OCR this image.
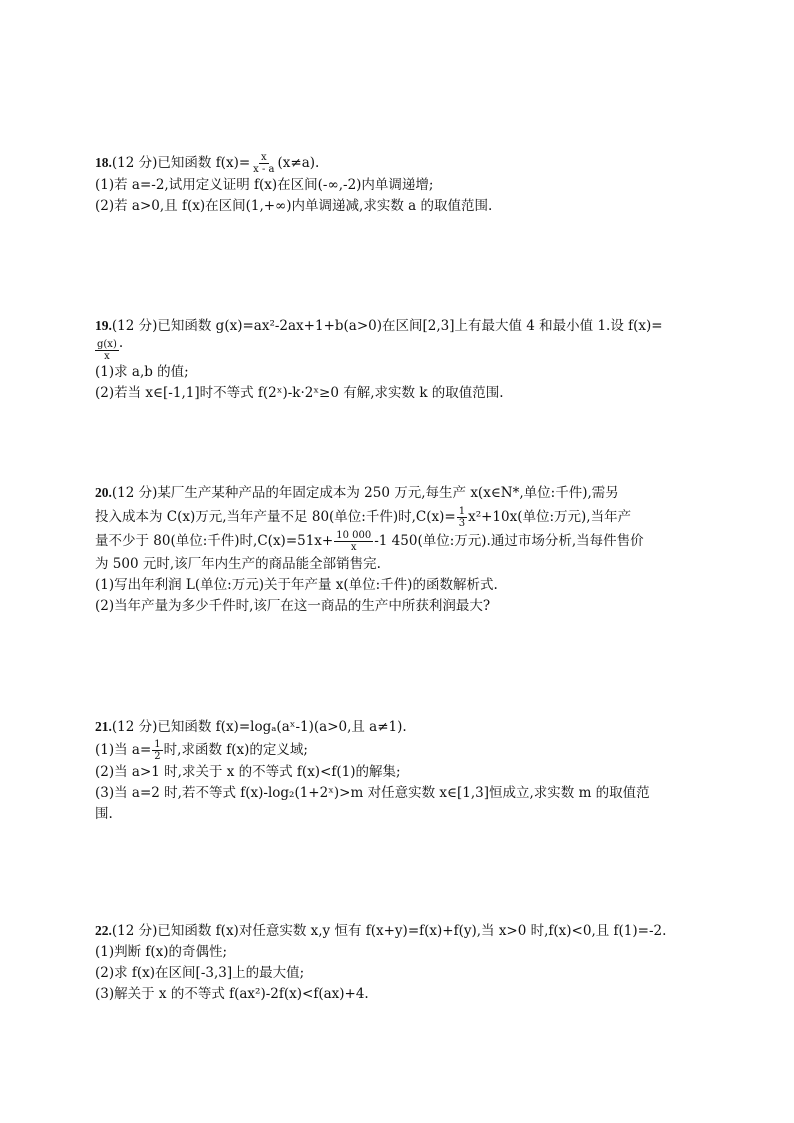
18.(12 分)已知函数 $f(x)= \frac{x}{x - a} (x\ne a)$.
(1)若 a=-2,试用定义证明 f(x)在区间(-∞,-2)内单调递增;
(2)若 a>0,且 f(x)在区间(1,+∞)内单调递减,求实数 a 的取值范围.
19.(12 分)已知函数 g(x)=ax²-2ax+1+b(a>0)在区间[2,3]上有最大值 4 和最小值 1.设 f(x)=
$\frac{g(x)}{x}$ .
(1)求 a,b 的值;
(2)若当 x∈[-1,1]时不等式 f(2ˣ)-k·2ˣ≥0 有解,求实数 k 的取值范围.
20.(12 分)某厂生产某种产品的年固定成本为 250 万元,每生产 x(x∈N*,单位:千件),需另
投入成本为 C(x)万元,当年产量不足 80(单位:千件)时$,C(x)= \frac{1}{3} x^2+10x$(单位:万元),当年产
量不少于 80(单位:千件)时$,C(x)=51x+ \frac{10 000}{x} -1$ 450(单位:万元).通过市场分析,当每件售价
为 500 元时,该厂年内生产的商品能全部销售完.
(1)写出年利润 L(单位:万元)关于年产量 x(单位:千件)的函数解析式.
(2)当年产量为多少千件时,该厂在这一商品的生产中所获利润最大?
21.(12 分)已知函数 f(x)=logₐ(aˣ-1)(a>0,且 a≠1).
(1)当 $a= \frac{1}{2}$ 时,求函数 f(x)的定义域;
(2)当 a>1 时,求关于 x 的不等式 f(x)<f(1)的解集;
(3)当 a=2 时,若不等式 f(x)-log₂(1+2ˣ)>m 对任意实数 x∈[1,3]恒成立,求实数 m 的取值范
围.
22.(12 分)已知函数 f(x)对任意实数 x,y 恒有 f(x+y)=f(x)+f(y),当 x>0 时,f(x)<0,且 f(1)=-2.
(1)判断 f(x)的奇偶性;
(2)求 f(x)在区间[-3,3]上的最大值;
(3)解关于 x 的不等式 f(ax²)-2f(x)<f(ax)+4.
